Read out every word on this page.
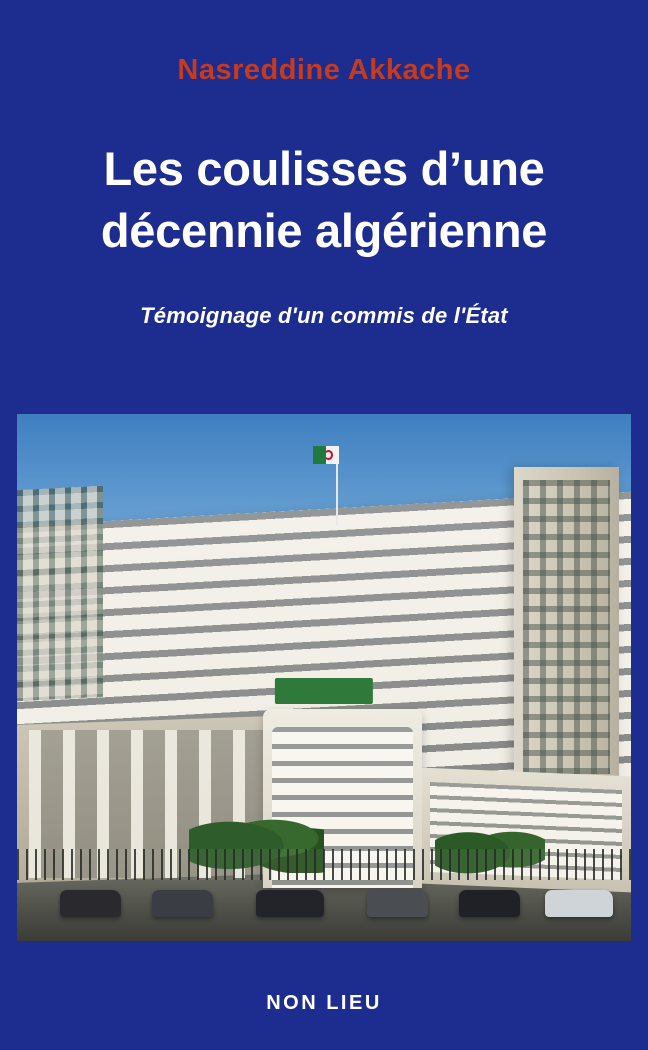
Nasreddine Akkache
Les coulisses d’une
décennie algérienne
Témoignage d'un commis de l'État
NON LIEU
